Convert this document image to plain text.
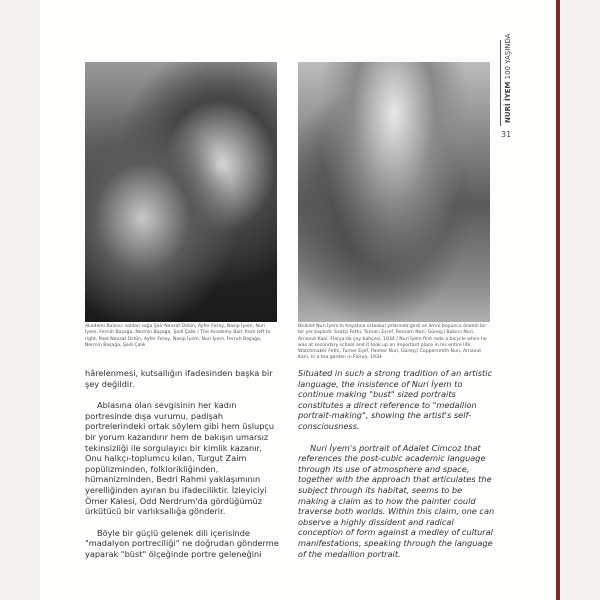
NURİ İYEM 100 YAŞINDA
31
Akademi Balosu: soldan sağa Şair Nevzat Üstün, Ayfer Feray, Nasip İyem, Nuri İyem, Ferruh Başağa, Nermin Başağa, Şadi Çalık / The Academy Ball: from left to right, Poet Nevzat Üstün, Ayfer Feray, Nasip İyem, Nuri İyem, Ferruh Başağa, Nermin Başağa, Şadi Çalık
Bisiklet Nuri İyem'in hayatına ortaokul yıllarında girdi ve ömrü boyunca önemli bir bir yer kapladı: Saatçi Fethi, Tornacı Eşref, Ressam Nuri, Güreşçi Bakırcı Nuri, Arnavut Kani. Florya'da çay bahçesi, 1934 / Nuri İyem first rode a bicycle when he was at secondary school and it took up an important place in his entire life: Watchmaker Fethi, Turner Eşef, Painter Nuri, Güreşçi Coppersmith Nuri, Arnavut Kani. In a tea garden in Florya, 1934

hârelenmesi, kutsallığın ifadesinden başka bir şey değildir.

Ablasına olan sevgisinin her kadın portresinde dışa vurumu, padişah portrelerindeki ortak söylem gibi hem üslupçu bir yorum kazandırır hem de bakışın umarsız tekinsizliği ile sorgulayıcı bir kimlik kazanır. Onu halkçı-toplumcu kılan, Turgut Zaim popülizminden, folklorikliğinden, hümanizminden, Bedri Rahmi yaklaşımının yerelliğinden ayıran bu ifadeciliktir. İzleyiciyi Ömer Kalesi, Odd Nerdrum'da gördüğümüz ürkütücü bir varlıksallığa gönderir.

Böyle bir güçlü gelenek dili içerisinde "madalyon portreciliği" ne doğrudan gönderme yaparak "büst" ölçeğinde portre geleneğini

Situated in such a strong tradition of an artistic language, the insistence of Nuri İyem to continue making "bust" sized portraits constitutes a direct reference to "medallion portrait-making", showing the artist's self-consciousness.

Nuri İyem's portrait of Adalet Cimcoz that references the post-cubic academic language through its use of atmosphere and space, together with the approach that articulates the subject through its habitat, seems to be making a claim as to how the painter could traverse both worlds. Within this claim, one can observe a highly dissident and radical conception of form against a medley of cultural manifestations, speaking through the language of the medallion portrait.
